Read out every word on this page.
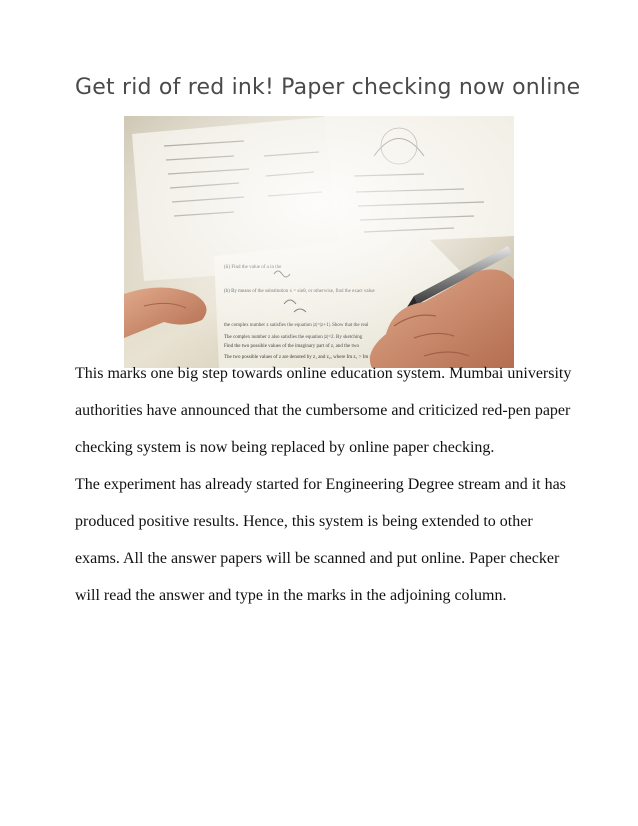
Get rid of red ink! Paper checking now online

This marks one big step towards online education system. Mumbai university authorities have announced that the cumbersome and criticized red-pen paper checking system is now being replaced by online paper checking.

The experiment has already started for Engineering Degree stream and it has produced positive results. Hence, this system is being extended to other exams. All the answer papers will be scanned and put online. Paper checker will read the answer and type in the marks in the adjoining column.
